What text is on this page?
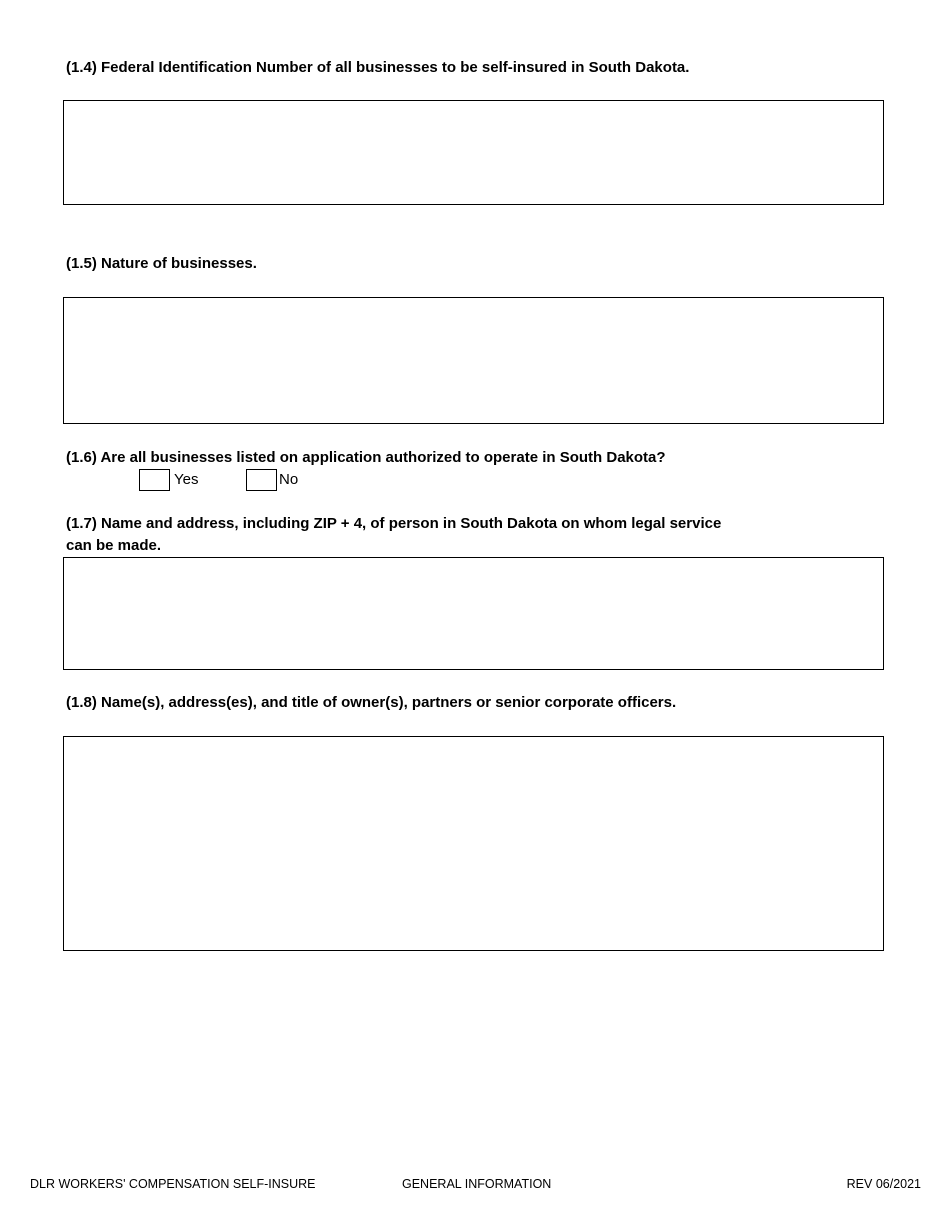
(1.4) Federal Identification Number of all businesses to be self-insured in South Dakota.
(1.5) Nature of businesses.
(1.6) Are all businesses listed on application authorized to operate in South Dakota?
Yes	No
(1.7) Name and address, including ZIP + 4, of person in South Dakota on whom legal service
can be made.
(1.8) Name(s), address(es), and title of owner(s), partners or senior corporate officers.
DLR WORKERS' COMPENSATION SELF-INSURE	GENERAL INFORMATION	REV 06/2021
